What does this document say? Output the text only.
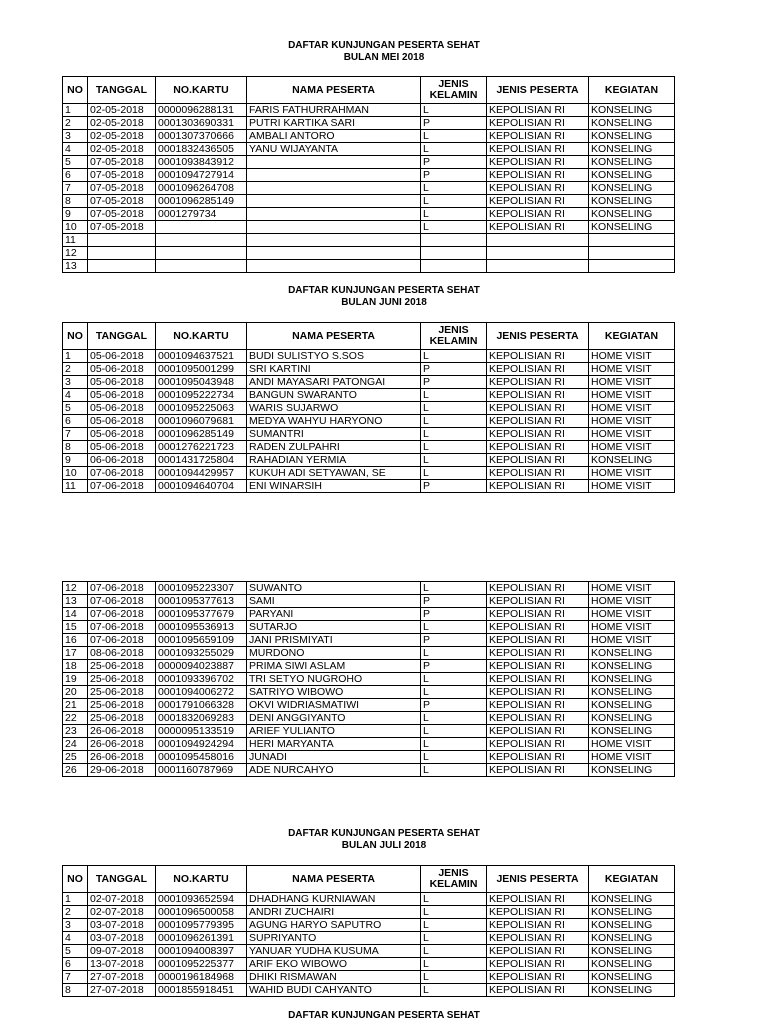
DAFTAR KUNJUNGAN PESERTA SEHAT
BULAN MEI 2018
NO	TANGGAL	NO.KARTU	NAMA PESERTA	JENIS KELAMIN	JENIS PESERTA	KEGIATAN
1	02-05-2018	0000096288131	FARIS FATHURRAHMAN	L	KEPOLISIAN RI	KONSELING
2	02-05-2018	0001303690331	PUTRI KARTIKA SARI	P	KEPOLISIAN RI	KONSELING
3	02-05-2018	0001307370666	AMBALI ANTORO	L	KEPOLISIAN RI	KONSELING
4	02-05-2018	0001832436505	YANU WIJAYANTA	L	KEPOLISIAN RI	KONSELING
5	07-05-2018	0001093843912		P	KEPOLISIAN RI	KONSELING
6	07-05-2018	0001094727914		P	KEPOLISIAN RI	KONSELING
7	07-05-2018	0001096264708		L	KEPOLISIAN RI	KONSELING
8	07-05-2018	0001096285149		L	KEPOLISIAN RI	KONSELING
9	07-05-2018	0001279734		L	KEPOLISIAN RI	KONSELING
10	07-05-2018			L	KEPOLISIAN RI	KONSELING
11						
12						
13						
DAFTAR KUNJUNGAN PESERTA SEHAT
BULAN JUNI 2018
NO	TANGGAL	NO.KARTU	NAMA PESERTA	JENIS KELAMIN	JENIS PESERTA	KEGIATAN
1	05-06-2018	0001094637521	BUDI SULISTYO S.SOS	L	KEPOLISIAN RI	HOME VISIT
2	05-06-2018	0001095001299	SRI KARTINI	P	KEPOLISIAN RI	HOME VISIT
3	05-06-2018	0001095043948	ANDI MAYASARI PATONGAI	P	KEPOLISIAN RI	HOME VISIT
4	05-06-2018	0001095222734	BANGUN SWARANTO	L	KEPOLISIAN RI	HOME VISIT
5	05-06-2018	0001095225063	WARIS SUJARWO	L	KEPOLISIAN RI	HOME VISIT
6	05-06-2018	0001096079681	MEDYA WAHYU HARYONO	L	KEPOLISIAN RI	HOME VISIT
7	05-06-2018	0001096285149	SUMANTRI	L	KEPOLISIAN RI	HOME VISIT
8	05-06-2018	0001276221723	RADEN ZULPAHRI	L	KEPOLISIAN RI	HOME VISIT
9	06-06-2018	0001431725804	RAHADIAN YERMIA	L	KEPOLISIAN RI	KONSELING
10	07-06-2018	0001094429957	KUKUH ADI SETYAWAN, SE	L	KEPOLISIAN RI	HOME VISIT
11	07-06-2018	0001094640704	ENI WINARSIH	P	KEPOLISIAN RI	HOME VISIT
12	07-06-2018	0001095223307	SUWANTO	L	KEPOLISIAN RI	HOME VISIT
13	07-06-2018	0001095377613	SAMI	P	KEPOLISIAN RI	HOME VISIT
14	07-06-2018	0001095377679	PARYANI	P	KEPOLISIAN RI	HOME VISIT
15	07-06-2018	0001095536913	SUTARJO	L	KEPOLISIAN RI	HOME VISIT
16	07-06-2018	0001095659109	JANI PRISMIYATI	P	KEPOLISIAN RI	HOME VISIT
17	08-06-2018	0001093255029	MURDONO	L	KEPOLISIAN RI	KONSELING
18	25-06-2018	0000094023887	PRIMA SIWI ASLAM	P	KEPOLISIAN RI	KONSELING
19	25-06-2018	0001093396702	TRI SETYO NUGROHO	L	KEPOLISIAN RI	KONSELING
20	25-06-2018	0001094006272	SATRIYO WIBOWO	L	KEPOLISIAN RI	KONSELING
21	25-06-2018	0001791066328	OKVI WIDRIASMATIWI	P	KEPOLISIAN RI	KONSELING
22	25-06-2018	0001832069283	DENI ANGGIYANTO	L	KEPOLISIAN RI	KONSELING
23	26-06-2018	0000095133519	ARIEF YULIANTO	L	KEPOLISIAN RI	KONSELING
24	26-06-2018	0001094924294	HERI MARYANTA	L	KEPOLISIAN RI	HOME VISIT
25	26-06-2018	0001095458016	JUNADI	L	KEPOLISIAN RI	HOME VISIT
26	29-06-2018	0001160787969	ADE NURCAHYO	L	KEPOLISIAN RI	KONSELING
DAFTAR KUNJUNGAN PESERTA SEHAT
BULAN JULI 2018
NO	TANGGAL	NO.KARTU	NAMA PESERTA	JENIS KELAMIN	JENIS PESERTA	KEGIATAN
1	02-07-2018	0001093652594	DHADHANG KURNIAWAN	L	KEPOLISIAN RI	KONSELING
2	02-07-2018	0001096500058	ANDRI ZUCHAIRI	L	KEPOLISIAN RI	KONSELING
3	03-07-2018	0001095779395	AGUNG HARYO SAPUTRO	L	KEPOLISIAN RI	KONSELING
4	03-07-2018	0001096261391	SUPRIYANTO	L	KEPOLISIAN RI	KONSELING
5	09-07-2018	0001094008397	YANUAR YUDHA KUSUMA	L	KEPOLISIAN RI	KONSELING
6	13-07-2018	0001095225377	ARIF EKO WIBOWO	L	KEPOLISIAN RI	KONSELING
7	27-07-2018	0000196184968	DHIKI RISMAWAN	L	KEPOLISIAN RI	KONSELING
8	27-07-2018	0001855918451	WAHID BUDI CAHYANTO	L	KEPOLISIAN RI	KONSELING
DAFTAR KUNJUNGAN PESERTA SEHAT
